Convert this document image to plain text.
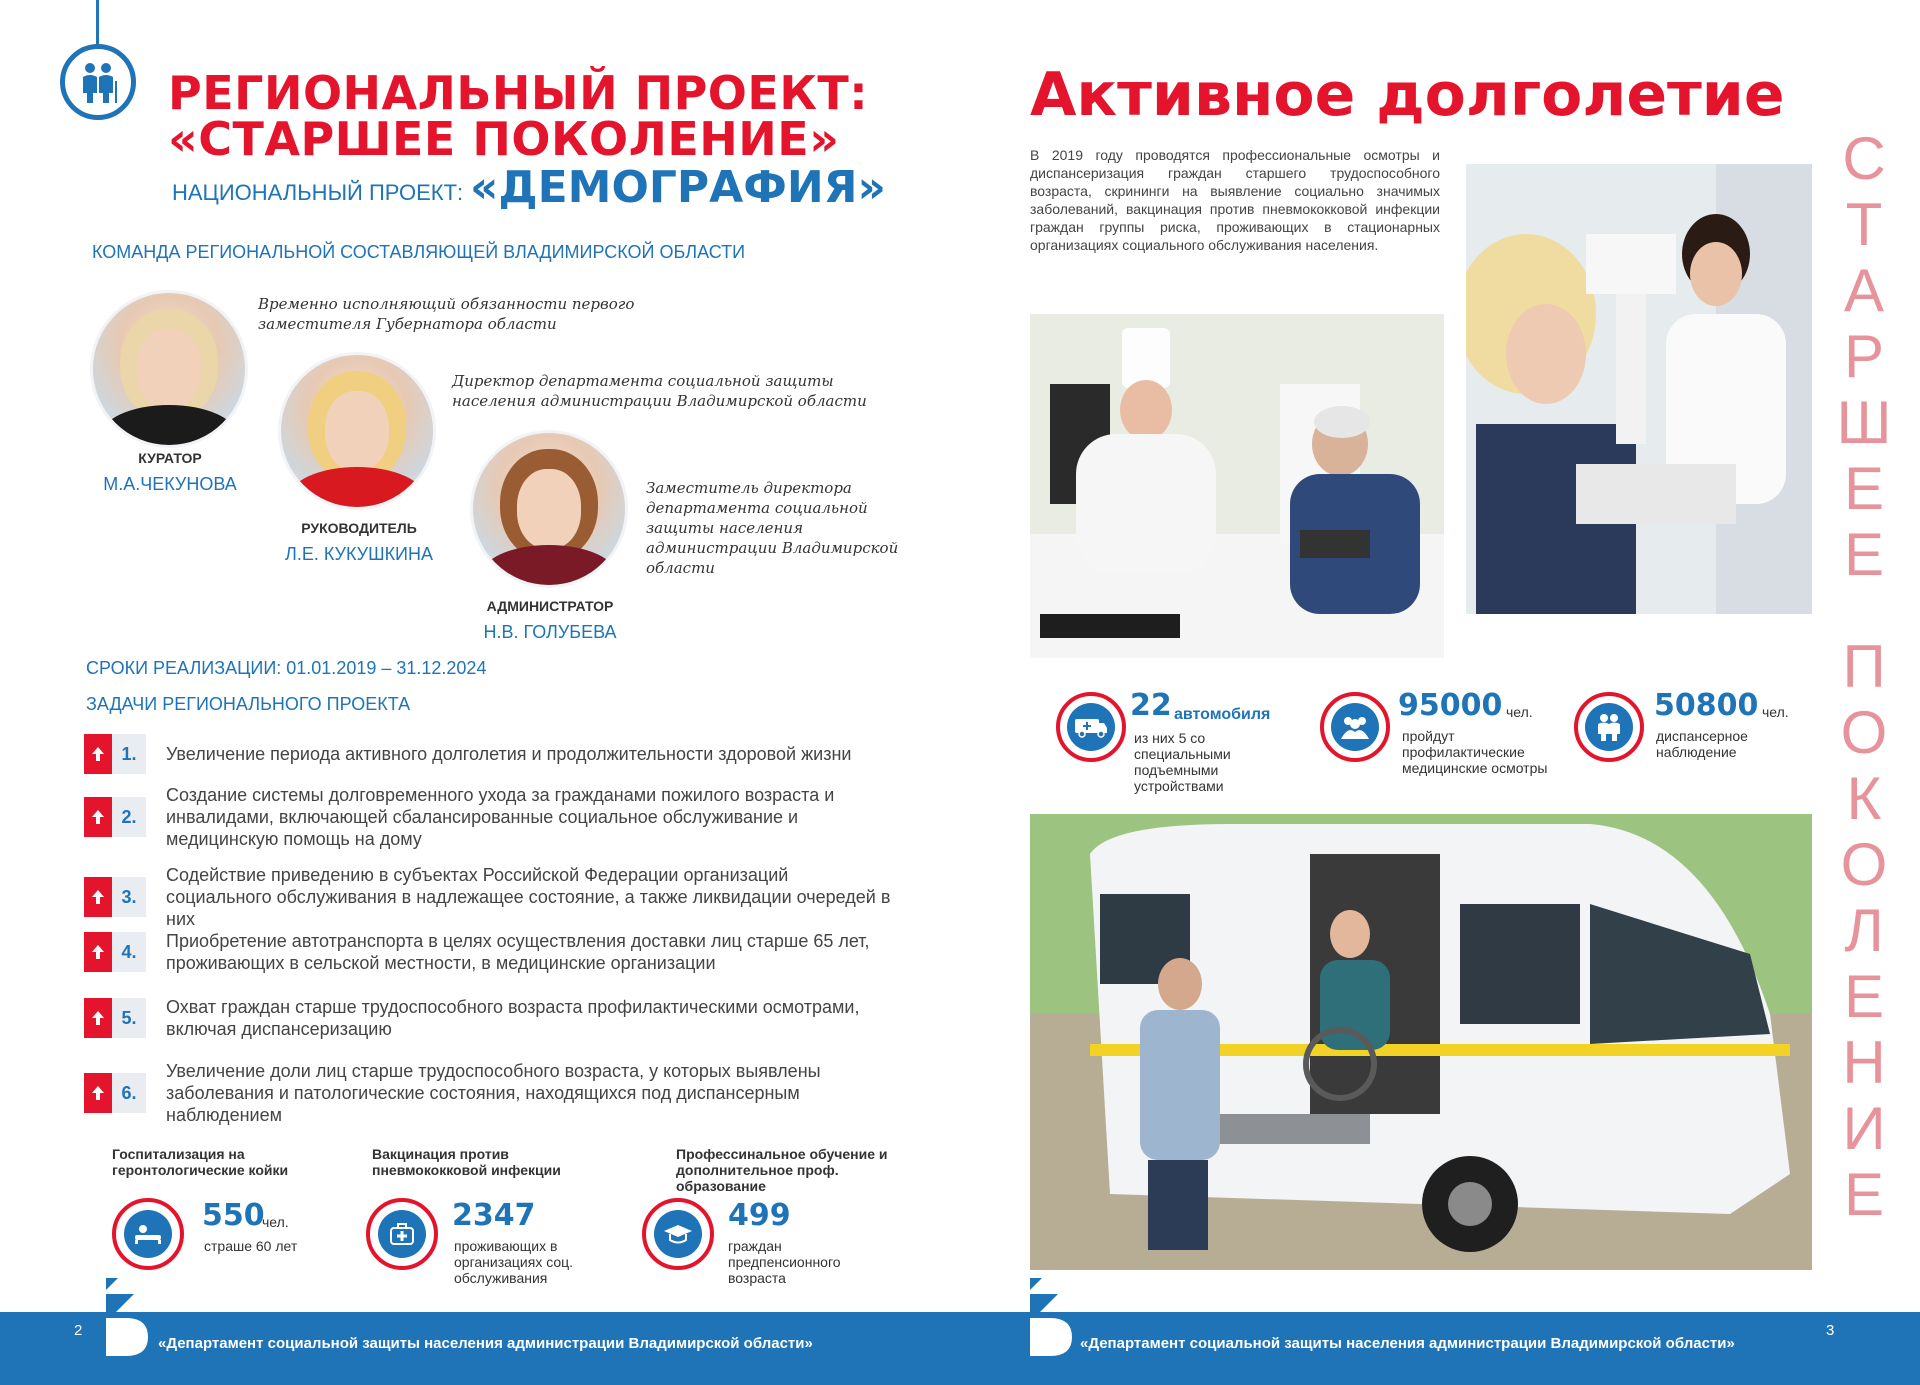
РЕГИОНАЛЬНЫЙ ПРОЕКТ:
«СТАРШЕЕ ПОКОЛЕНИЕ»
НАЦИОНАЛЬНЫЙ ПРОЕКТ: «ДЕМОГРАФИЯ»
КОМАНДА РЕГИОНАЛЬНОЙ СОСТАВЛЯЮЩЕЙ ВЛАДИМИРСКОЙ ОБЛАСТИ
Временно исполняющий обязанности первого заместителя Губернатора области
КУРАТОР
М.А.ЧЕКУНОВА
Директор департамента социальной защиты населения администрации Владимирской области
РУКОВОДИТЕЛЬ
Л.Е. КУКУШКИНА
Заместитель директора департамента социальной защиты населения администрации Владимирской области
АДМИНИСТРАТОР
Н.В. ГОЛУБЕВА
СРОКИ РЕАЛИЗАЦИИ: 01.01.2019 – 31.12.2024
ЗАДАЧИ РЕГИОНАЛЬНОГО ПРОЕКТА
1.	Увеличение периода активного долголетия и продолжительности здоровой жизни
2.
Создание системы долговременного ухода за гражданами пожилого возраста и инвалидами, включающей сбалансированные социальное обслуживание и медицинскую помощь на дому
3.
Содействие приведению в субъектах Российской Федерации организаций социального обслуживания в надлежащее состояние, а также ликвидации очередей в них
4.
Приобретение автотранспорта в целях осуществления доставки лиц старше 65 лет, проживающих в сельской местности, в медицинские организации
5.
Охват граждан старше трудоспособного возраста профилактическими осмотрами, включая диспансеризацию
6.
Увеличение доли лиц старше трудоспособного возраста, у которых выявлены заболевания и патологические состояния, находящихся под диспансерным наблюдением
Госпитализация на геронтологические койки
550
чел.
страше 60 лет
Вакцинация против пневмококковой инфекции
2347
проживающих в организациях соц. обслуживания
Профессинальное обучение и дополнительное проф. образование
499
граждан предпенсионного возраста
Активное долголетие
В 2019 году проводятся профессиональные осмотры и диспансеризация граждан старшего трудоспособного возраста, скрининги на выявление социально значимых заболеваний, вакцинация против пневмококковой инфекции граждан группы риска, проживающих в стационарных организациях социального обслуживания населения.
СТАРШЕЕ
ПОКОЛЕНИЕ
22 автомобиля
из них 5 со специальными подъемными устройствами
95000 чел.
пройдут профилактические медицинские осмотры
50800 чел.
диспансерное наблюдение
2
«Департамент социальной защиты населения администрации Владимирской области»	«Департамент социальной защиты населения администрации Владимирской области»
3
